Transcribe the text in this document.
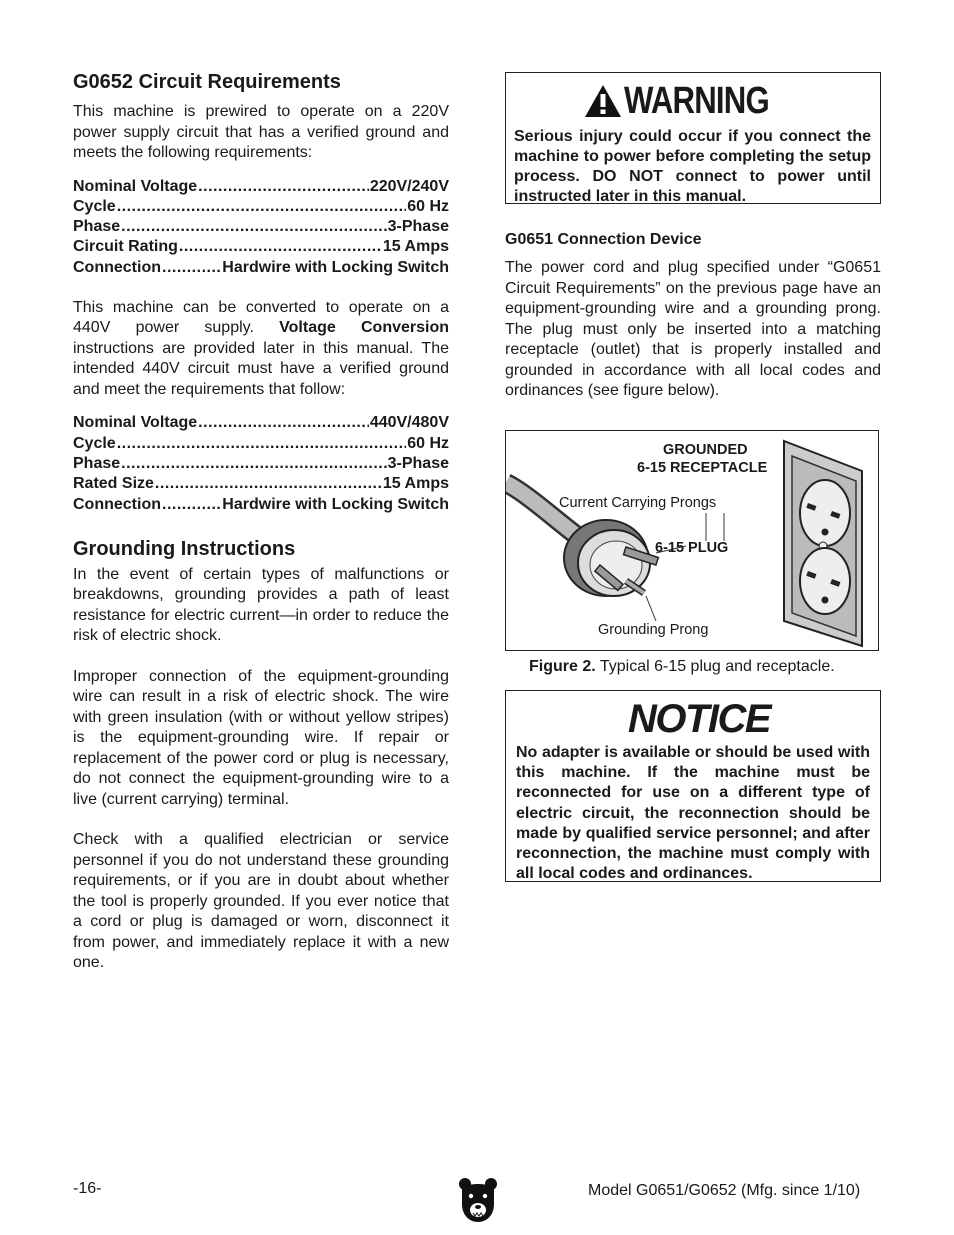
G0652 Circuit Requirements

This machine is prewired to operate on a 220V power supply circuit that has a verified ground and meets the following requirements:

Nominal Voltage .....	220V/240V
Cycle .....	60 Hz
Phase .....	3-Phase
Circuit Rating .....	15 Amps
Connection .....	Hardwire with Locking Switch

This machine can be converted to operate on a 440V power supply. Voltage Conversion instructions are provided later in this manual. The intended 440V circuit must have a verified ground and meet the requirements that follow:

Nominal Voltage .....	440V/480V
Cycle .....	60 Hz
Phase .....	3-Phase
Rated Size .....	15 Amps
Connection .....	Hardwire with Locking Switch
Grounding Instructions

In the event of certain types of malfunctions or breakdowns, grounding provides a path of least resistance for electric current—in order to reduce the risk of electric shock.

Improper connection of the equipment-grounding wire can result in a risk of electric shock. The wire with green insulation (with or without yellow stripes) is the equipment-grounding wire. If repair or replacement of the power cord or plug is necessary, do not connect the equipment-grounding wire to a live (current carrying) terminal.

Check with a qualified electrician or service personnel if you do not understand these grounding requirements, or if you are in doubt about whether the tool is properly grounded. If you ever notice that a cord or plug is damaged or worn, disconnect it from power, and immediately replace it with a new one.

WARNING

Serious injury could occur if you connect the machine to power before completing the setup process. DO NOT connect to power until instructed later in this manual.

G0651 Connection Device

The power cord and plug specified under “G0651 Circuit Requirements” on the previous page have an equipment-grounding wire and a grounding prong. The plug must only be inserted into a matching receptacle (outlet) that is properly installed and grounded in accordance with all local codes and ordinances (see figure below).

GROUNDED
6-15 RECEPTACLE
Current Carrying Prongs
6-15 PLUG
Grounding Prong
Figure 2. Typical 6-15 plug and receptacle.
NOTICE

No adapter is available or should be used with this machine. If the machine must be reconnected for use on a different type of electric circuit, the reconnection should be made by qualified service personnel; and after reconnection, the machine must comply with all local codes and ordinances.

-16-	Model G0651/G0652 (Mfg. since 1/10)
